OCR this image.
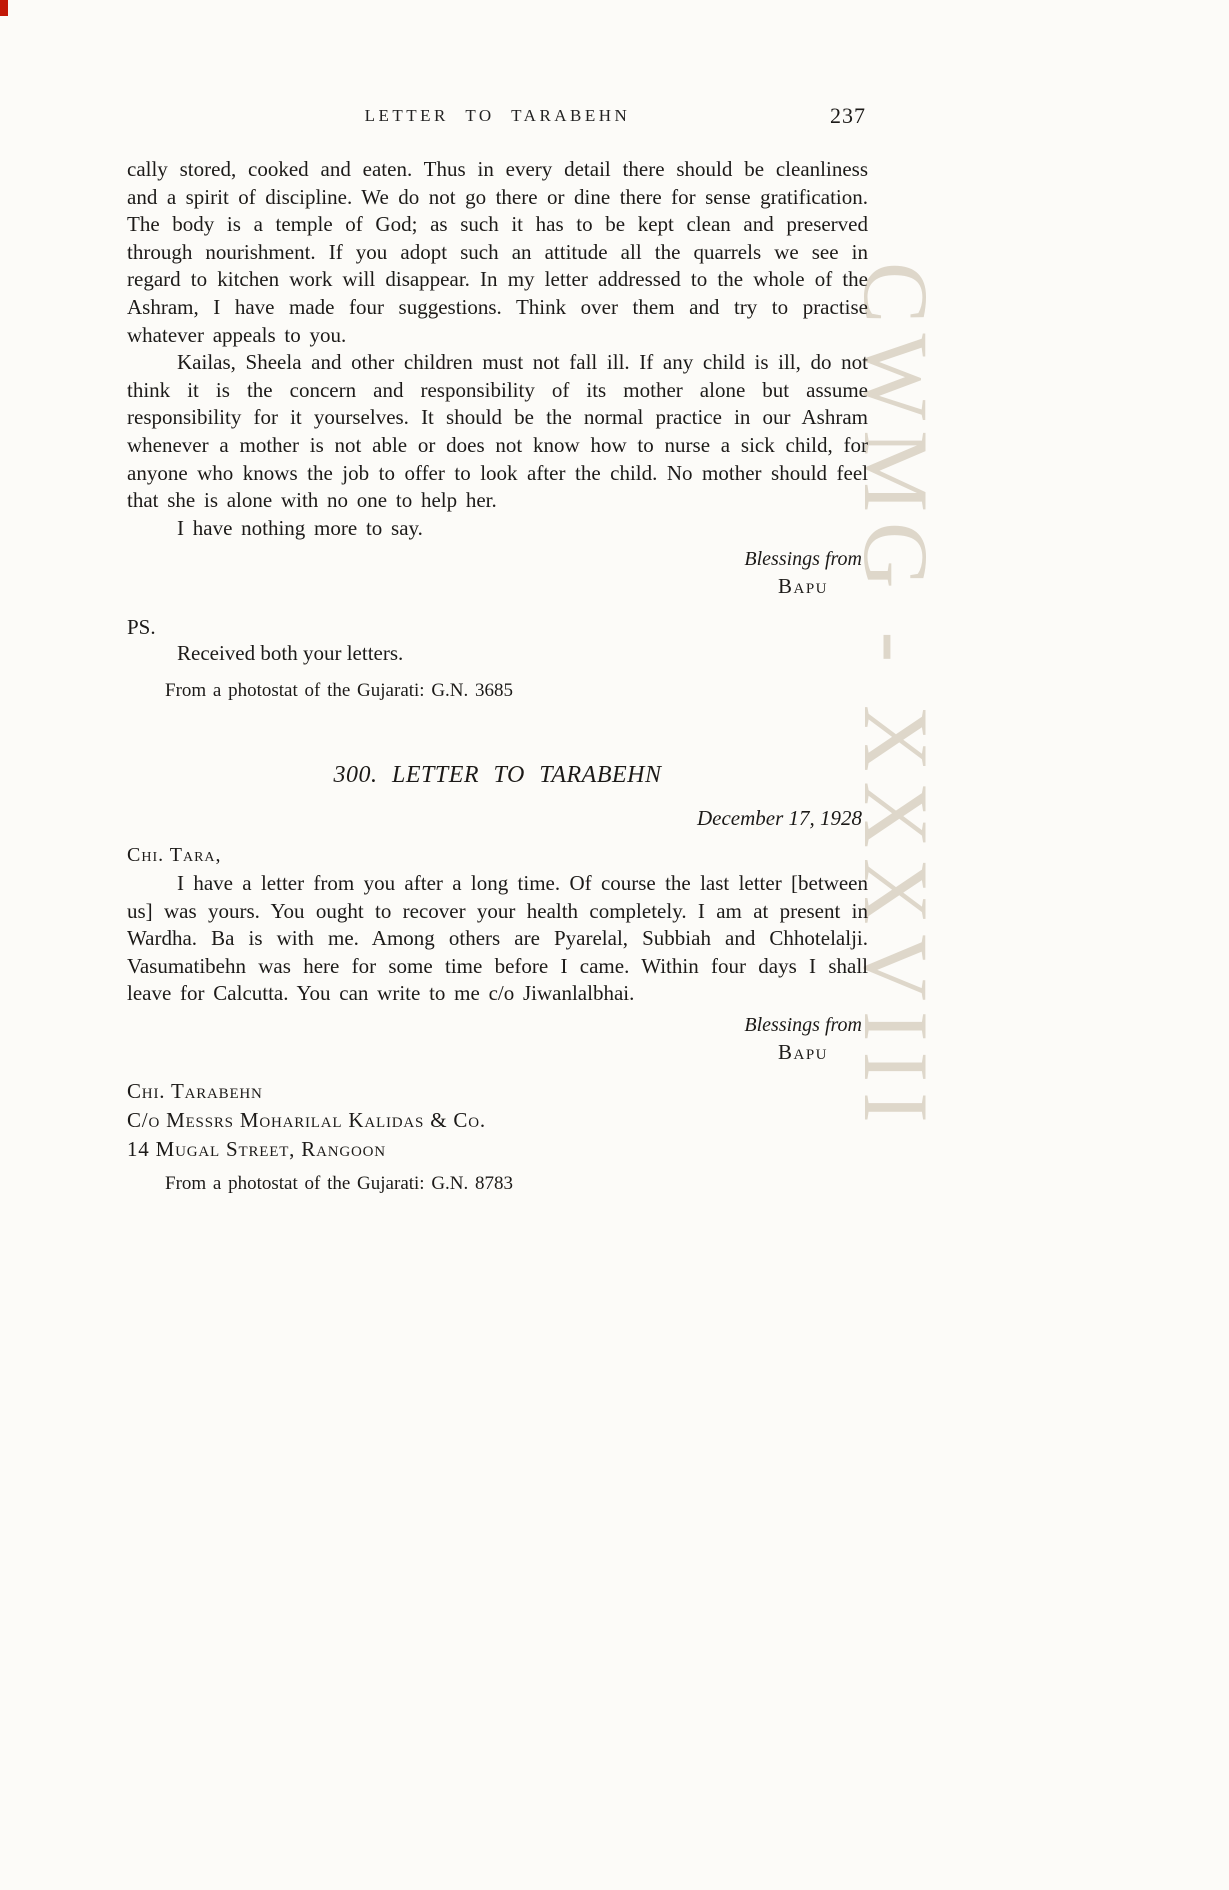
CWMG - XXXVIII
LETTER TO TARABEHN	237

cally stored, cooked and eaten. Thus in every detail there should be cleanliness and a spirit of discipline. We do not go there or dine there for sense gratification. The body is a temple of God; as such it has to be kept clean and preserved through nourishment. If you adopt such an attitude all the quarrels we see in regard to kitchen work will disappear. In my letter addressed to the whole of the Ashram, I have made four suggestions. Think over them and try to practise whatever appeals to you.

Kailas, Sheela and other children must not fall ill. If any child is ill, do not think it is the concern and responsibility of its mother alone but assume responsibility for it yourselves. It should be the normal practice in our Ashram whenever a mother is not able or does not know how to nurse a sick child, for anyone who knows the job to offer to look after the child. No mother should feel that she is alone with no one to help her.

I have nothing more to say.

Blessings from
Bapu
PS.
Received both your letters.
From a photostat of the Gujarati: G.N. 3685
300. LETTER TO TARABEHN
December 17, 1928
Chi. Tara,

I have a letter from you after a long time. Of course the last letter [between us] was yours. You ought to recover your health completely. I am at present in Wardha. Ba is with me. Among others are Pyarelal, Subbiah and Chhotelalji. Vasumatibehn was here for some time before I came. Within four days I shall leave for Calcutta. You can write to me c/o Jiwanlalbhai.

Blessings from
Bapu
Chi. Tarabehn
C/o Messrs Moharilal Kalidas & Co.
14 Mugal Street, Rangoon
From a photostat of the Gujarati: G.N. 8783
